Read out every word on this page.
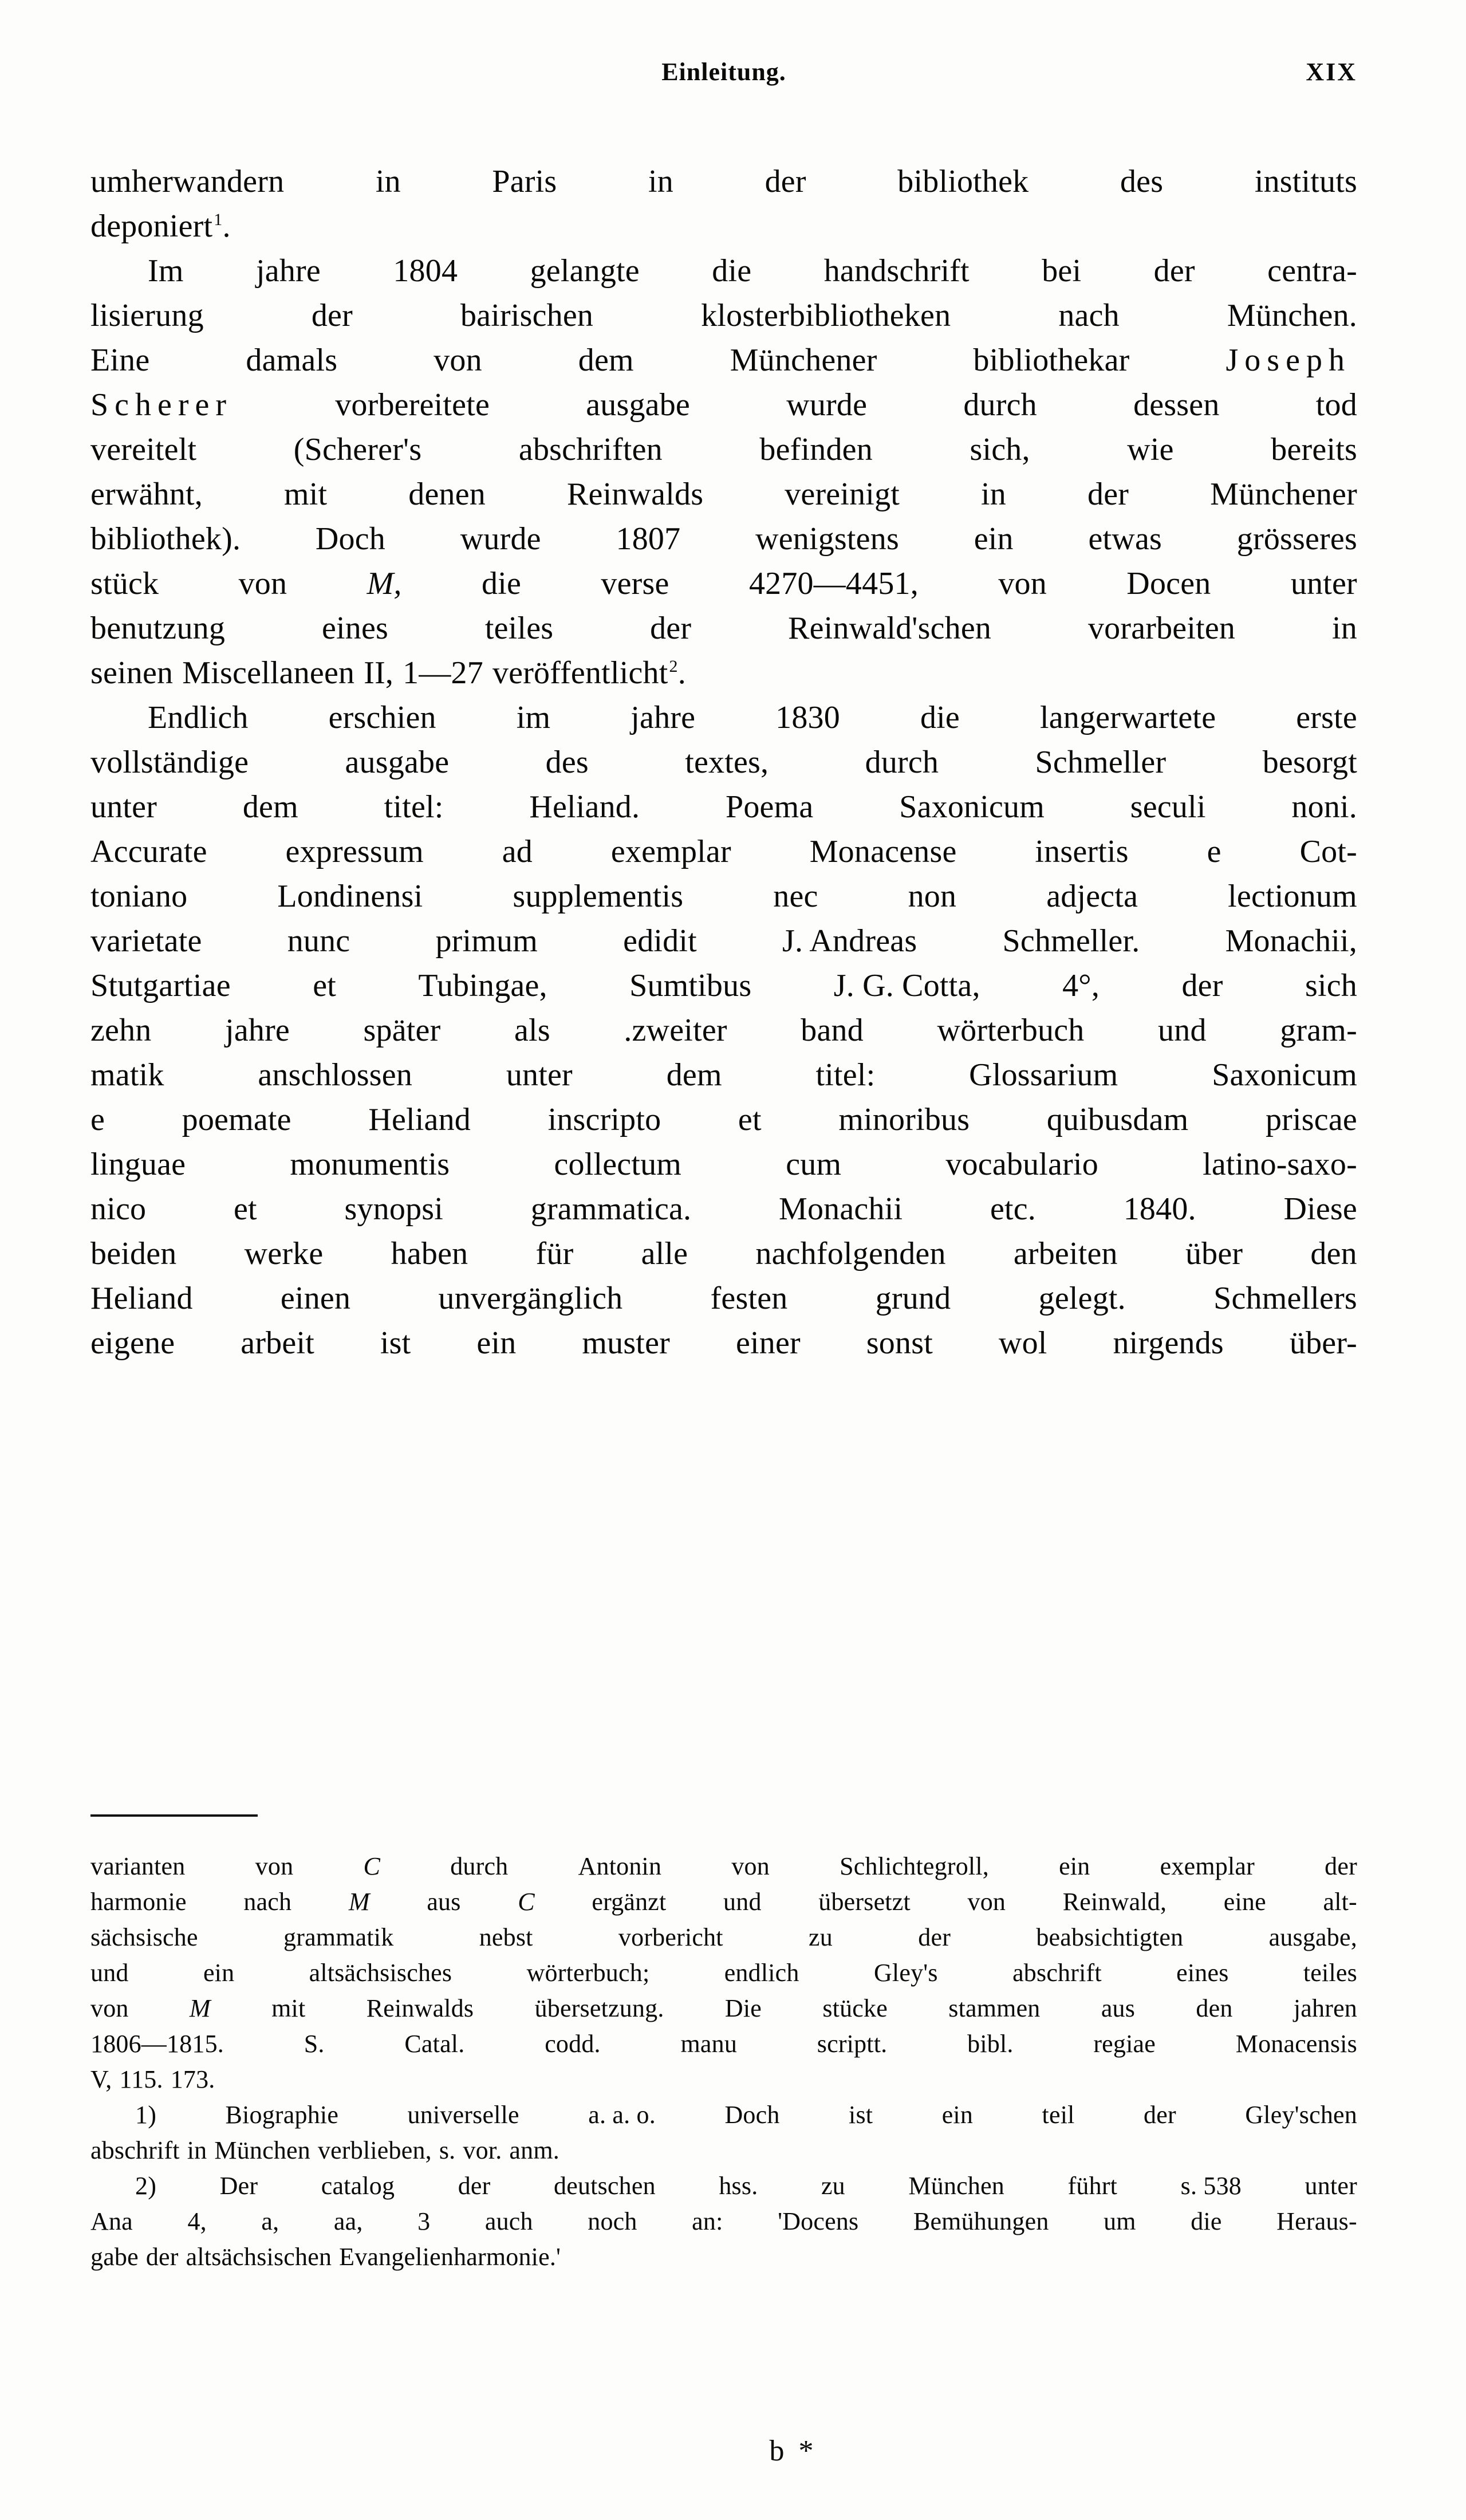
Einleitung.	XIX
umherwandern	in	Paris	in	der	bibliothek	des	instituts
deponiert$^1$.
Im jahre 1804 gelangte die handschrift bei der centra-
lisierung	der	bairischen	klosterbibliotheken	nach	München.
Eine	damals	von	dem	Münchener	bibliothekar	Joseph
Scherer	vorbereitete	ausgabe	wurde	durch	dessen	tod
vereitelt	(Scherer's	abschriften	befinden	sich,	wie	bereits
erwähnt,	mit	denen	Reinwalds	vereinigt	in	der	Münchener
bibliothek). Doch wurde 1807 wenigstens ein etwas grösseres
stück von M, die verse 4270—4451, von Docen unter
benutzung	eines	teiles	der	Reinwald'schen	vorarbeiten	in
seinen Miscellaneen II, 1—27 veröffentlicht$^2$.
Endlich erschien im jahre 1830 die langerwartete erste
vollständige	ausgabe	des	textes,	durch	Schmeller	besorgt
unter	dem	titel:	Heliand.	Poema	Saxonicum	seculi	noni.
Accurate expressum ad exemplar Monacense insertis e Cot-
toniano	Londinensi	supplementis	nec	non	adjecta	lectionum
varietate	nunc	primum	edidit	J. Andreas	Schmeller.	Monachii,
Stutgartiae	et	Tubingae,	Sumtibus	J. G. Cotta,	4°,	der	sich
zehn jahre später als .zweiter band wörterbuch und gram-
matik	anschlossen	unter	dem	titel:	Glossarium	Saxonicum
e poemate Heliand inscripto et minoribus quibusdam priscae
linguae	monumentis	collectum	cum	vocabulario	latino-saxo-
nico	et	synopsi	grammatica.	Monachii	etc.	1840.	Diese
beiden werke haben für alle nachfolgenden arbeiten über den
Heliand	einen	unvergänglich	festen	grund	gelegt.	Schmellers
eigene arbeit ist ein muster einer sonst wol nirgends über-
varianten	von	C	durch	Antonin	von	Schlichtegroll,	ein	exemplar	der
harmonie nach M aus C ergänzt und übersetzt von Reinwald, eine alt-
sächsische	grammatik	nebst	vorbericht	zu	der	beabsichtigten	ausgabe,
und	ein	altsächsisches	wörterbuch;	endlich	Gley's	abschrift	eines	teiles
von M mit Reinwalds übersetzung. Die stücke stammen aus den jahren
1806—1815.	S.	Catal.	codd.	manu	scriptt.	bibl.	regiae	Monacensis
V, 115. 173.
1)	Biographie	universelle	a. a. o.	Doch	ist	ein	teil	der	Gley'schen
abschrift in München verblieben, s. vor. anm.
2)	Der	catalog	der	deutschen	hss.	zu	München	führt	s. 538	unter
Ana 4, a, aa, 3 auch noch an: 'Docens Bemühungen um die Heraus-
gabe der altsächsischen Evangelienharmonie.'
b *
